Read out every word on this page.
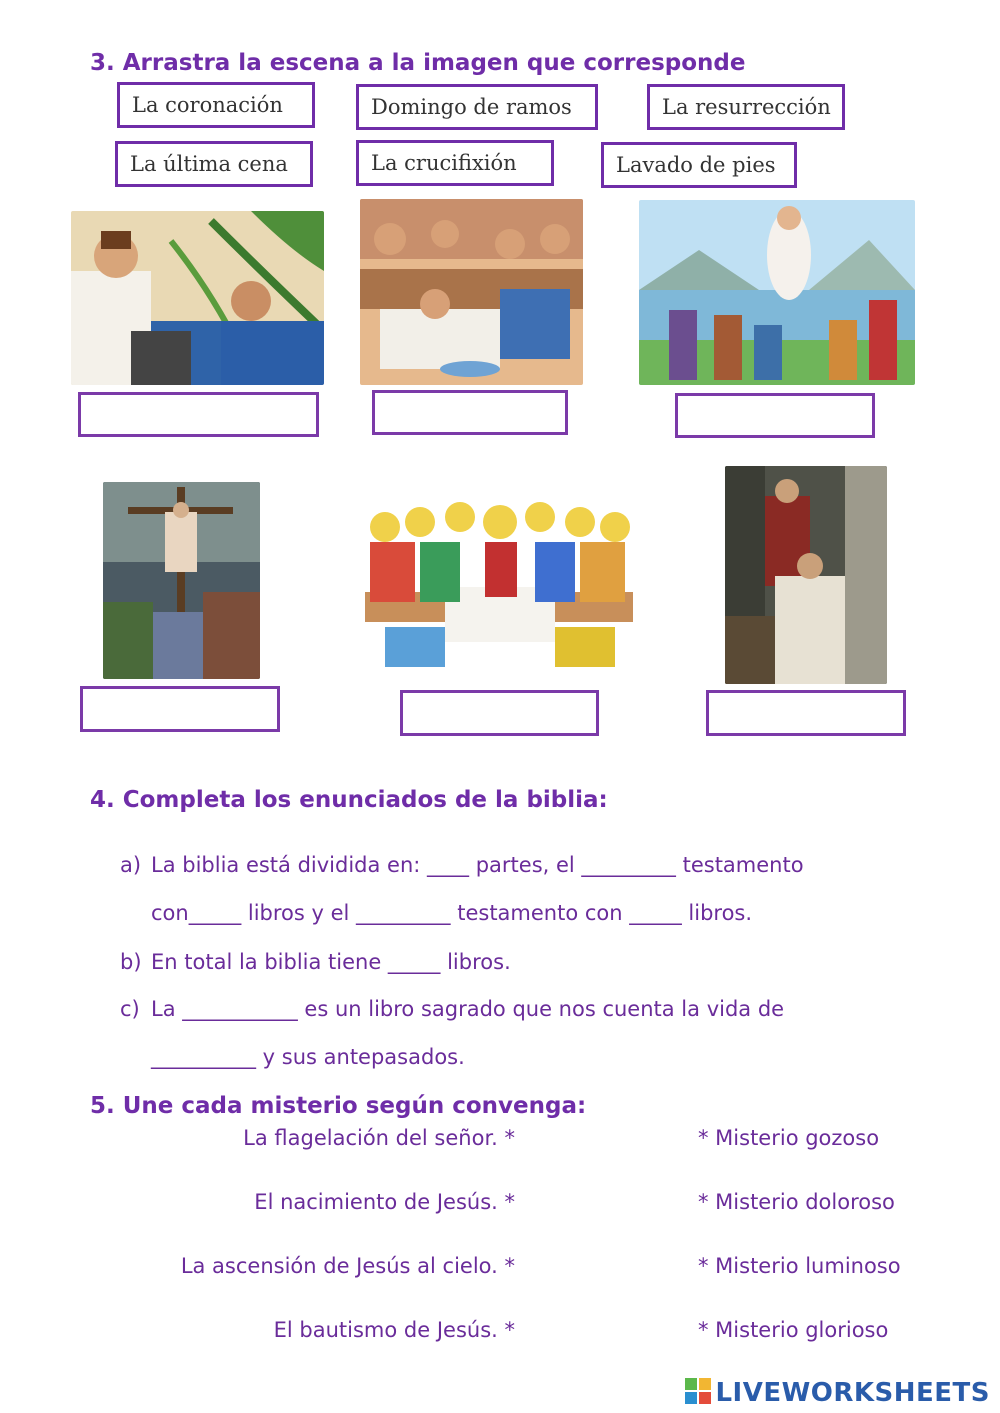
3. Arrastra la escena a la imagen que corresponde
La coronación	Domingo de ramos	La resurrección
La última cena	La crucifixión	Lavado de pies
4. Completa los enunciados de la biblia:
a) La biblia está dividida en: ____ partes, el _________ testamento
con_____ libros y el _________ testamento con _____ libros.
b) En total la biblia tiene _____ libros.
c) La ___________ es un libro sagrado que nos cuenta la vida de
__________ y sus antepasados.
5. Une cada misterio según convenga:
La flagelación del señor. *
El nacimiento de Jesús. *
La ascensión de Jesús al cielo. *
El bautismo de Jesús. *
* Misterio gozoso
* Misterio doloroso
* Misterio luminoso
* Misterio glorioso
LIVEWORKSHEETS
